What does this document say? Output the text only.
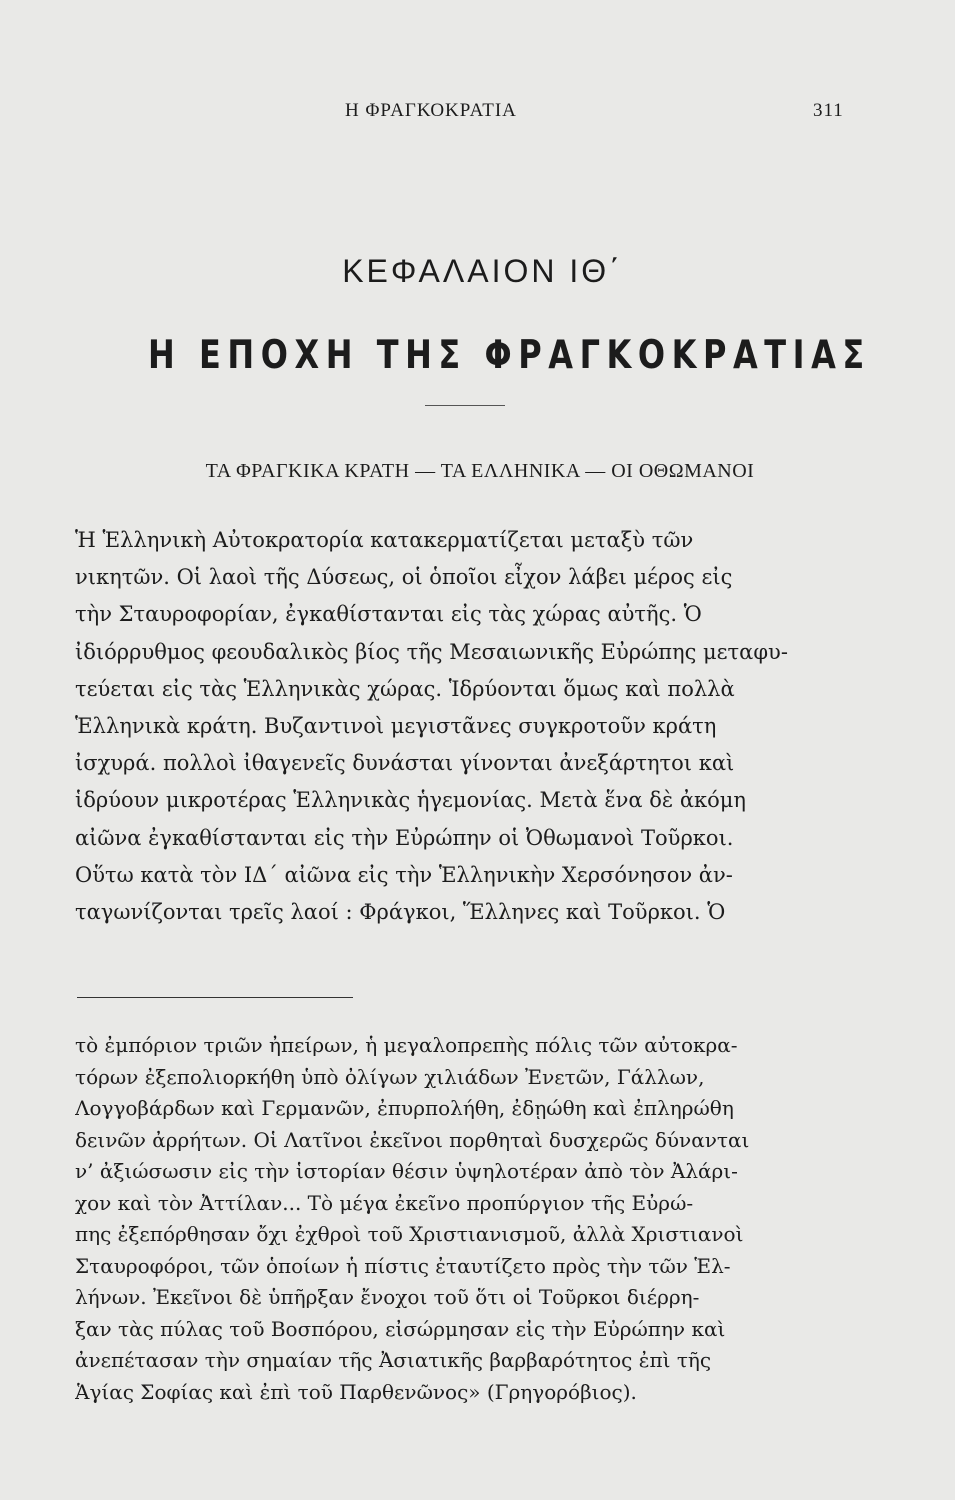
Η ΦΡΑΓΚΟΚΡΑΤΙΑ	311
ΚΕΦΑΛΑΙΟΝ ΙΘ΄
Η ΕΠΟΧΗ ΤΗΣ ΦΡΑΓΚΟΚΡΑΤΙΑΣ
ΤΑ ΦΡΑΓΚΙΚΑ ΚΡΑΤΗ — ΤΑ ΕΛΛΗΝΙΚΑ — ΟΙ ΟΘΩΜΑΝΟΙ
Ἡ Ἑλληνικὴ Αὐτοκρατορία κατακερματίζεται μεταξὺ τῶν
νικητῶν. Οἱ λαοὶ τῆς Δύσεως, οἱ ὁποῖοι εἶχον λάβει μέρος εἰς
τὴν Σταυροφορίαν, ἐγκαθίστανται εἰς τὰς χώρας αὐτῆς. Ὁ
ἰδιόρρυθμος φεουδαλικὸς βίος τῆς Μεσαιωνικῆς Εὐρώπης μεταφυ-
τεύεται εἰς τὰς Ἑλληνικὰς χώρας. Ἱδρύονται ὅμως καὶ πολλὰ
Ἑλληνικὰ κράτη. Βυζαντινοὶ μεγιστᾶνες συγκροτοῦν κράτη
ἰσχυρά. πολλοὶ ἰθαγενεῖς δυνάσται γίνονται ἀνεξάρτητοι καὶ
ἱδρύουν μικροτέρας Ἑλληνικὰς ἡγεμονίας. Μετὰ ἕνα δὲ ἀκόμη
αἰῶνα ἐγκαθίστανται εἰς τὴν Εὐρώπην οἱ Ὀθωμανοὶ Τοῦρκοι.
Οὕτω κατὰ τὸν ΙΔ΄ αἰῶνα εἰς τὴν Ἑλληνικὴν Χερσόνησον ἀν-
ταγωνίζονται τρεῖς λαοί : Φράγκοι, Ἕλληνες καὶ Τοῦρκοι. Ὁ
τὸ ἐμπόριον τριῶν ἠπείρων, ἡ μεγαλοπρεπὴς πόλις τῶν αὐτοκρα-
τόρων ἐξεπολιορκήθη ὑπὸ ὀλίγων χιλιάδων Ἐνετῶν, Γάλλων,
Λογγοβάρδων καὶ Γερμανῶν, ἐπυρπολήθη, ἐδῃώθη καὶ ἐπληρώθη
δεινῶν ἀρρήτων. Οἱ Λατῖνοι ἐκεῖνοι πορθηταὶ δυσχερῶς δύνανται
ν’ ἀξιώσωσιν εἰς τὴν ἱστορίαν θέσιν ὑψηλοτέραν ἀπὸ τὸν Ἀλάρι-
χον καὶ τὸν Ἀττίλαν... Τὸ μέγα ἐκεῖνο προπύργιον τῆς Εὐρώ-
πης ἐξεπόρθησαν ὄχι ἐχθροὶ τοῦ Χριστιανισμοῦ, ἀλλὰ Χριστιανοὶ
Σταυροφόροι, τῶν ὁποίων ἡ πίστις ἐταυτίζετο πρὸς τὴν τῶν Ἑλ-
λήνων. Ἐκεῖνοι δὲ ὑπῆρξαν ἔνοχοι τοῦ ὅτι οἱ Τοῦρκοι διέρρη-
ξαν τὰς πύλας τοῦ Βοσπόρου, εἰσώρμησαν εἰς τὴν Εὐρώπην καὶ
ἀνεπέτασαν τὴν σημαίαν τῆς Ἀσιατικῆς βαρβαρότητος ἐπὶ τῆς
Ἁγίας Σοφίας καὶ ἐπὶ τοῦ Παρθενῶνος» (Γρηγορόβιος).
